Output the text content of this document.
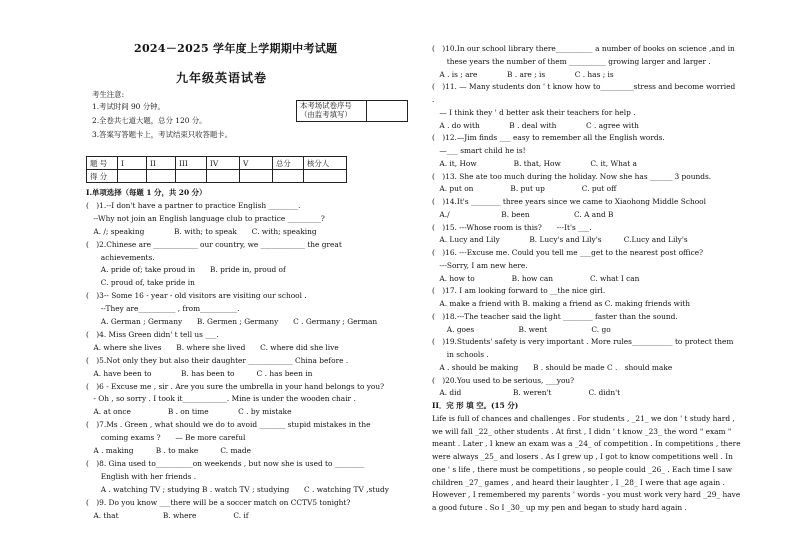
2024－2025 学年度上学期期中考试题
九年级英语试卷
考生注意:
1.考试时间 90 分钟。
2.全卷共七道大题，总分 120 分。
3.答案写答题卡上，考试结束只收答题卡。
题 号	I	II	III	IV	V	总分	核分人
得 分							
I.单项选择（每题 1 分，共 20 分）
(　)1.--I don't have a partner to practice English ________.
　--Why not join an English language club to practice _________?
　A. /; speaking　　　　B. with; to speak　　C. with; speaking
(　)2.Chinese are ____________ our country, we ____________ the great
　　achievements.
　　A. pride of; take proud in　　B. pride in, proud of
　　C. proud of, take pride in
(　)3-- Some 16 - year - old visitors are visiting our school .
　　--They are__________ , from__________.
　　A. German ; Germany　　B. Germen ; Germany　　C . Germany ; German
(　)4. Miss Green didn' t tell us ___.
　A. where she lives　　B. where she lived　　C. where did she live
(　)5.Not only they but also their daughter ____________ China before .
　A. have been to　　　　B. has been to　　　C . has been in
(　)6 - Excuse me , sir . Are you sure the umbrella in your hand belongs to you?
　- Oh , so sorry . I took it____________. Mine is under the wooden chair .
　A. at once　　　　　B . on time　　　　C . by mistake
(　)7.Ms . Green , what should we do to avoid _______ stupid mistakes in the
　　coming exams ?　　— Be more careful
　A . making　　　B . to make　　　C. made
(　)8. Gina used to__________on weekends , but now she is used to ________
　　English with her friends .
　　A . watching TV ; studying B . watch TV ; studying　　C . watching TV ,study
(　)9. Do you know ___there will be a soccer match on CCTV5 tonight?
　A. that　　　　　　B. where　　　　　C. if
本考场试卷序号
（由监考填写）
(　)10.In our school library there__________ a number of books on science ,and in
　　these years the number of them __________ growing larger and larger .
　A . is ; are　　　　B . are ; is　　　　C . has ; is
(　)11. — Many students don ' t know how to_________stress and become worried
.
　— I think they ' d better ask their teachers for help .
　A . do with　　　　B . deal with　　　　C . agree with
(　)12.—Jim finds ___ easy to remember all the English words.
　—___ smart child he is!
　A. it, How　　　　　B. that, How　　　　C. it, What a
(　)13. She ate too much during the holiday. Now she has ______ 3 pounds.
　A. put on　　　　　B. put up　　　　　C. put off
(　)14.It's ________ three years since we came to Xiaohong Middle School
　A./　　　　　　　B. been　　　　　　C. A and B
(　)15. ---Whose room is this?　　---It's ___.
　A. Lucy and Lily　　　　B. Lucy's and Lily's　　　C.Lucy and Lily's
(　)16. ---Excuse me. Could you tell me ___get to the nearest post office?
　---Sorry, I am new here.
　A. how to　　　　　B. how can　　　　　C. what I can
(　)17. I am looking forward to __the nice girl.
　A. make a friend with B. making a friend as C. making friends with
(　)18.---The teacher said the light ________ faster than the sound.
　　A. goes　　　　　　B. went　　　　　　C. go
(　)19.Students' safety is very important . More rules___________ to protect them
　　in schools .
　A . should be making　　B . should be made C .　should make
(　)20.You used to be serious, ___you?
　A. did　　　　　　　B. weren't　　　　　C. didn't
II．完 形 填 空。(15 分)
Life is full of chances and challenges . For students , _21_ we don ' t study hard ,
we will fall _22_ other students . At first , I didn ' t know _23_ the word " exam "
meant . Later , I knew an exam was a _24_ of competition . In competitions , there
were always _25_ and losers . As I grew up , I got to know competitions well . In
one ' s life , there must be competitions , so people could _26_ . Each time I saw
children _27_ games , and heard their laughter , I _28_ I were that age again .
However , I remembered my parents ' words - you must work very hard _29_ have
a good future . So I _30_ up my pen and began to study hard again .
